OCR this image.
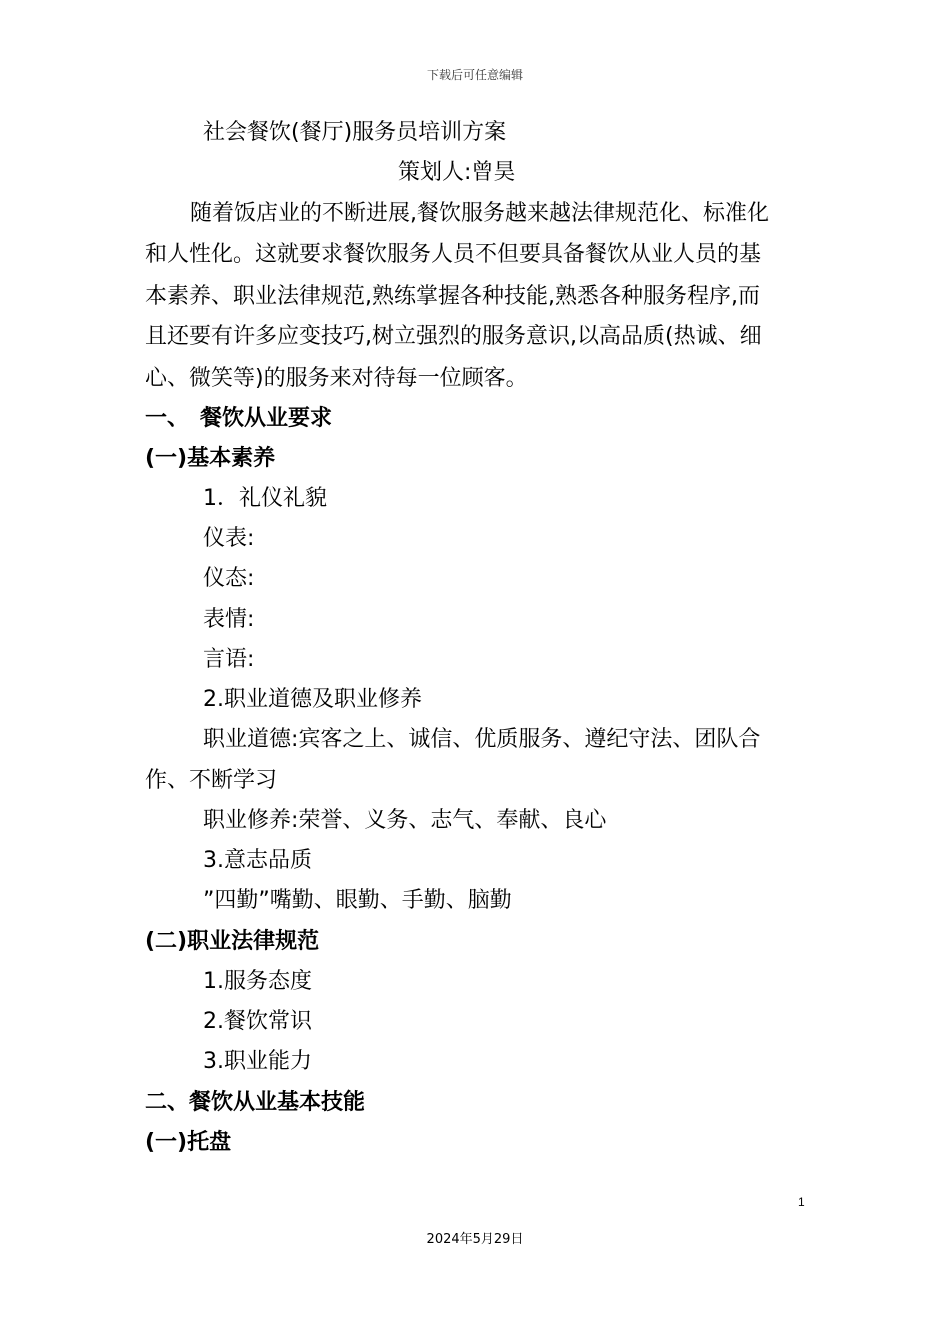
下载后可任意编辑
社会餐饮(餐厅)服务员培训方案
策划人:曾昊
随着饭店业的不断进展,餐饮服务越来越法律规范化、标准化
和人性化。这就要求餐饮服务人员不但要具备餐饮从业人员的基
本素养、职业法律规范,熟练掌握各种技能,熟悉各种服务程序,而
且还要有许多应变技巧,树立强烈的服务意识,以高品质(热诚、细
心、微笑等)的服务来对待每一位顾客。
一、　餐饮从业要求
(一)基本素养
1．礼仪礼貌
仪表:
仪态:
表情:
言语:
2.职业道德及职业修养
职业道德:宾客之上、诚信、优质服务、遵纪守法、团队合
作、不断学习
职业修养:荣誉、义务、志气、奉献、良心
3.意志品质
”四勤”嘴勤、眼勤、手勤、脑勤
(二)职业法律规范
1.服务态度
2.餐饮常识
3.职业能力
二、餐饮从业基本技能
(一)托盘
1
2024年5月29日
